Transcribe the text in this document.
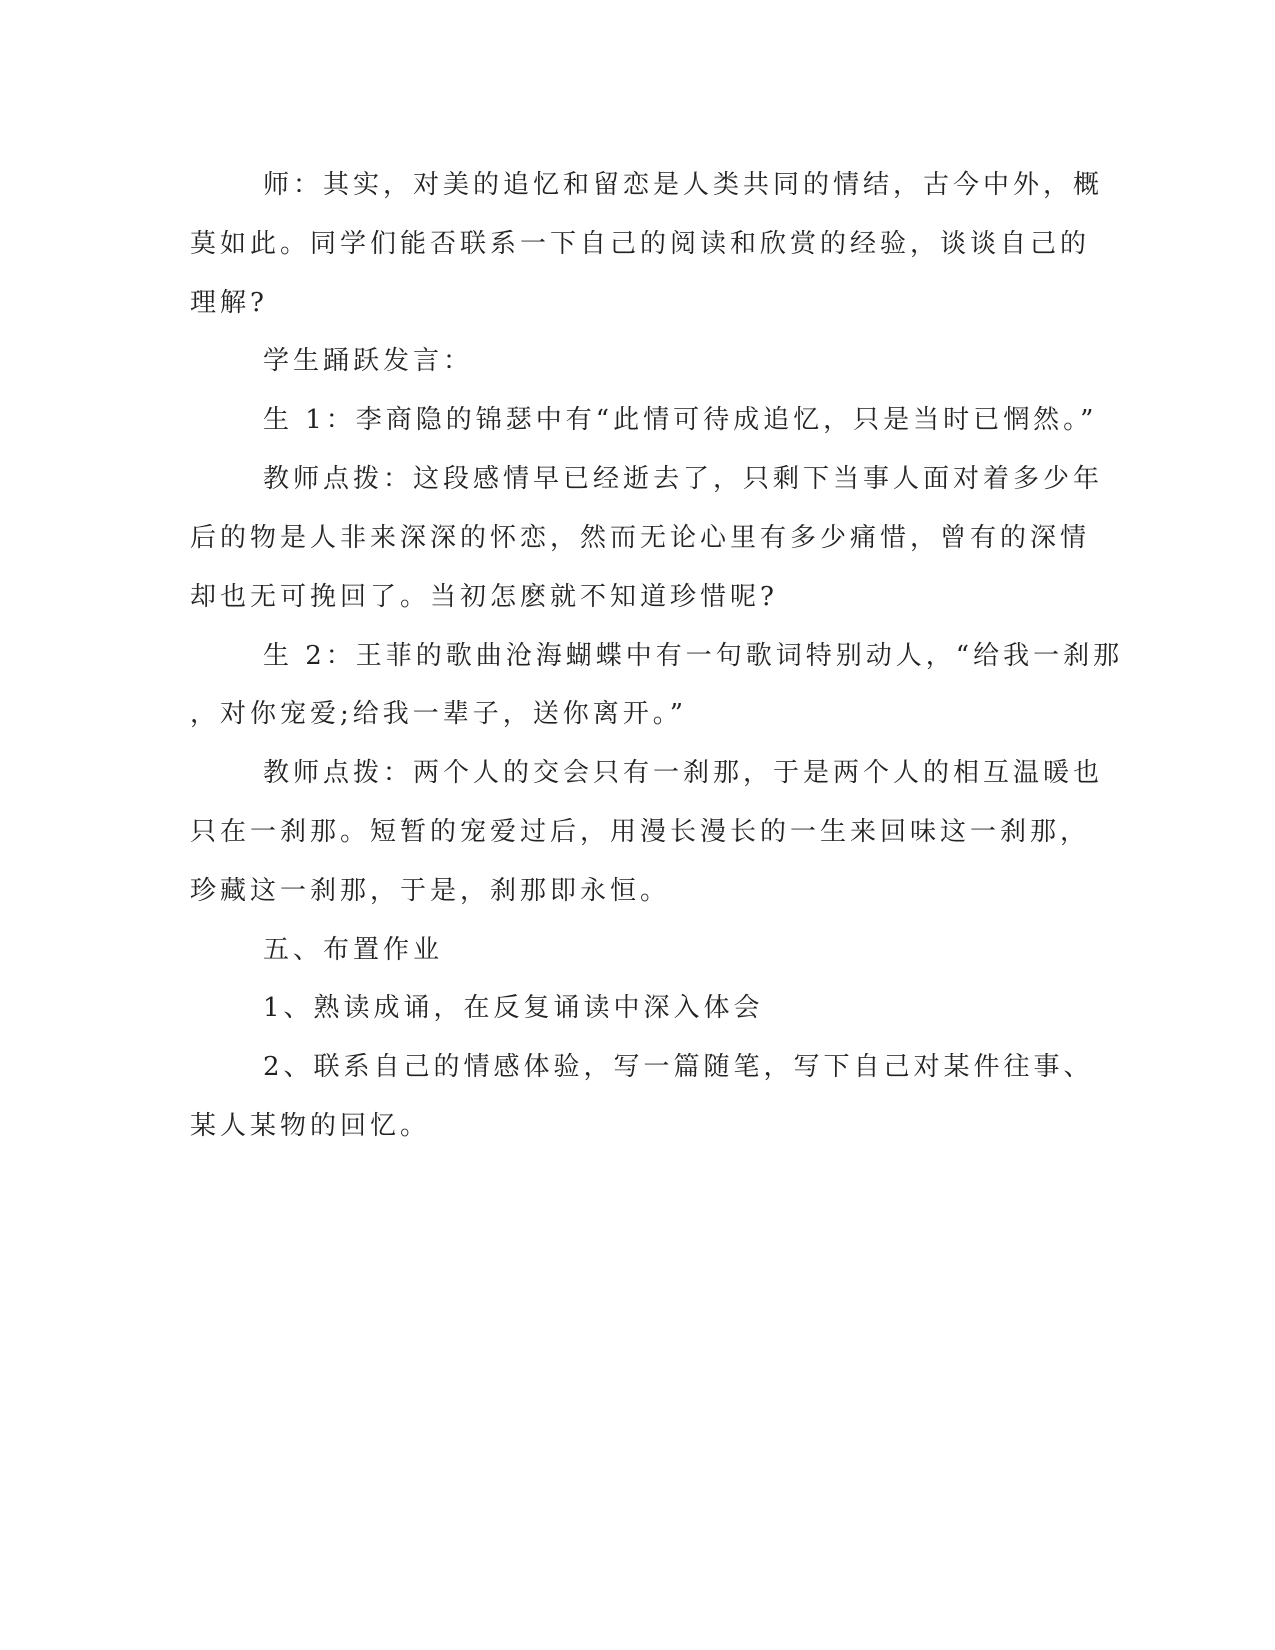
师：其实，对美的追忆和留恋是人类共同的情结，古今中外，概

莫如此。同学们能否联系一下自己的阅读和欣赏的经验，谈谈自己的

理解?

学生踊跃发言：

生 1：李商隐的锦瑟中有“此情可待成追忆，只是当时已惘然。”

教师点拨：这段感情早已经逝去了，只剩下当事人面对着多少年

后的物是人非来深深的怀恋，然而无论心里有多少痛惜，曾有的深情

却也无可挽回了。当初怎麽就不知道珍惜呢?

生 2：王菲的歌曲沧海蝴蝶中有一句歌词特别动人，“给我一刹那

，对你宠爱;给我一辈子，送你离开。”

教师点拨：两个人的交会只有一刹那，于是两个人的相互温暖也

只在一刹那。短暂的宠爱过后，用漫长漫长的一生来回味这一刹那，

珍藏这一刹那，于是，刹那即永恒。

五、布置作业

1、熟读成诵，在反复诵读中深入体会

2、联系自己的情感体验，写一篇随笔，写下自己对某件往事、

某人某物的回忆。
